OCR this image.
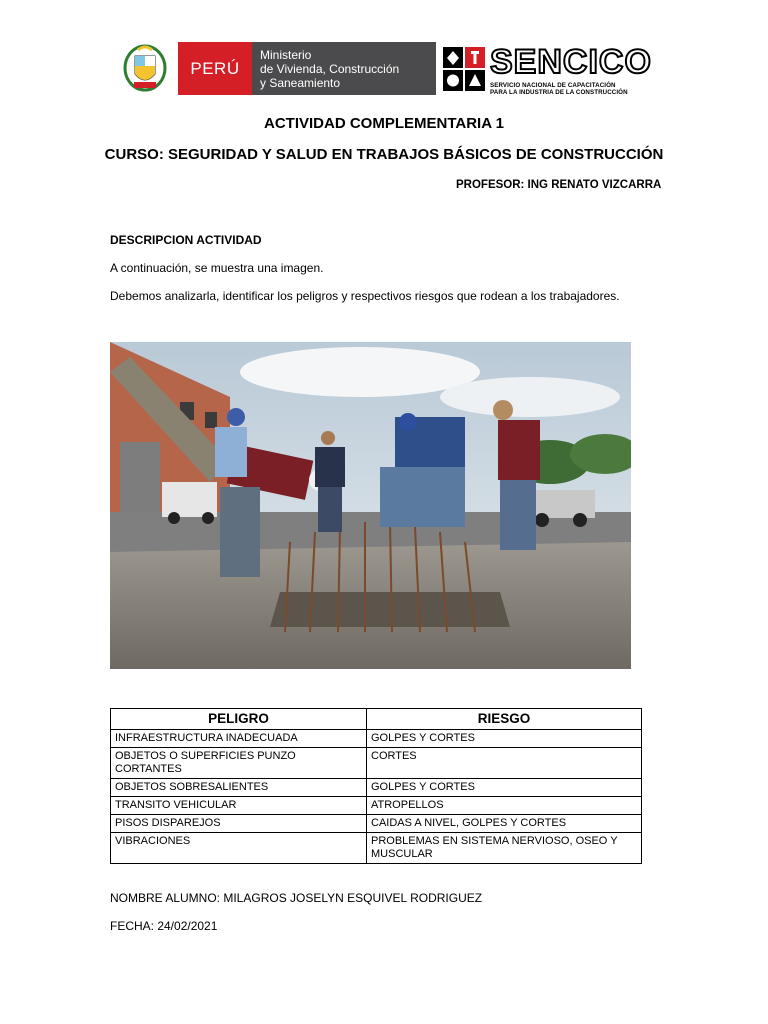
PERÚ
Ministerio
de Vivienda, Construcción
y Saneamiento
SENCICO
SERVICIO NACIONAL DE CAPACITACIÓN
PARA LA INDUSTRIA DE LA CONSTRUCCIÓN
ACTIVIDAD COMPLEMENTARIA 1
CURSO: SEGURIDAD Y SALUD EN TRABAJOS BÁSICOS DE CONSTRUCCIÓN
PROFESOR: ING RENATO VIZCARRA
DESCRIPCION ACTIVIDAD
A continuación, se muestra una imagen.
Debemos analizarla, identificar los peligros y respectivos riesgos que rodean a los trabajadores.
PELIGRO	RIESGO
INFRAESTRUCTURA INADECUADA	GOLPES Y CORTES
OBJETOS O SUPERFICIES PUNZO CORTANTES	CORTES
OBJETOS SOBRESALIENTES	GOLPES Y CORTES
TRANSITO VEHICULAR	ATROPELLOS
PISOS DISPAREJOS	CAIDAS A NIVEL, GOLPES Y CORTES
VIBRACIONES	PROBLEMAS EN SISTEMA NERVIOSO, OSEO Y MUSCULAR
NOMBRE ALUMNO: MILAGROS JOSELYN ESQUIVEL RODRIGUEZ
FECHA: 24/02/2021
